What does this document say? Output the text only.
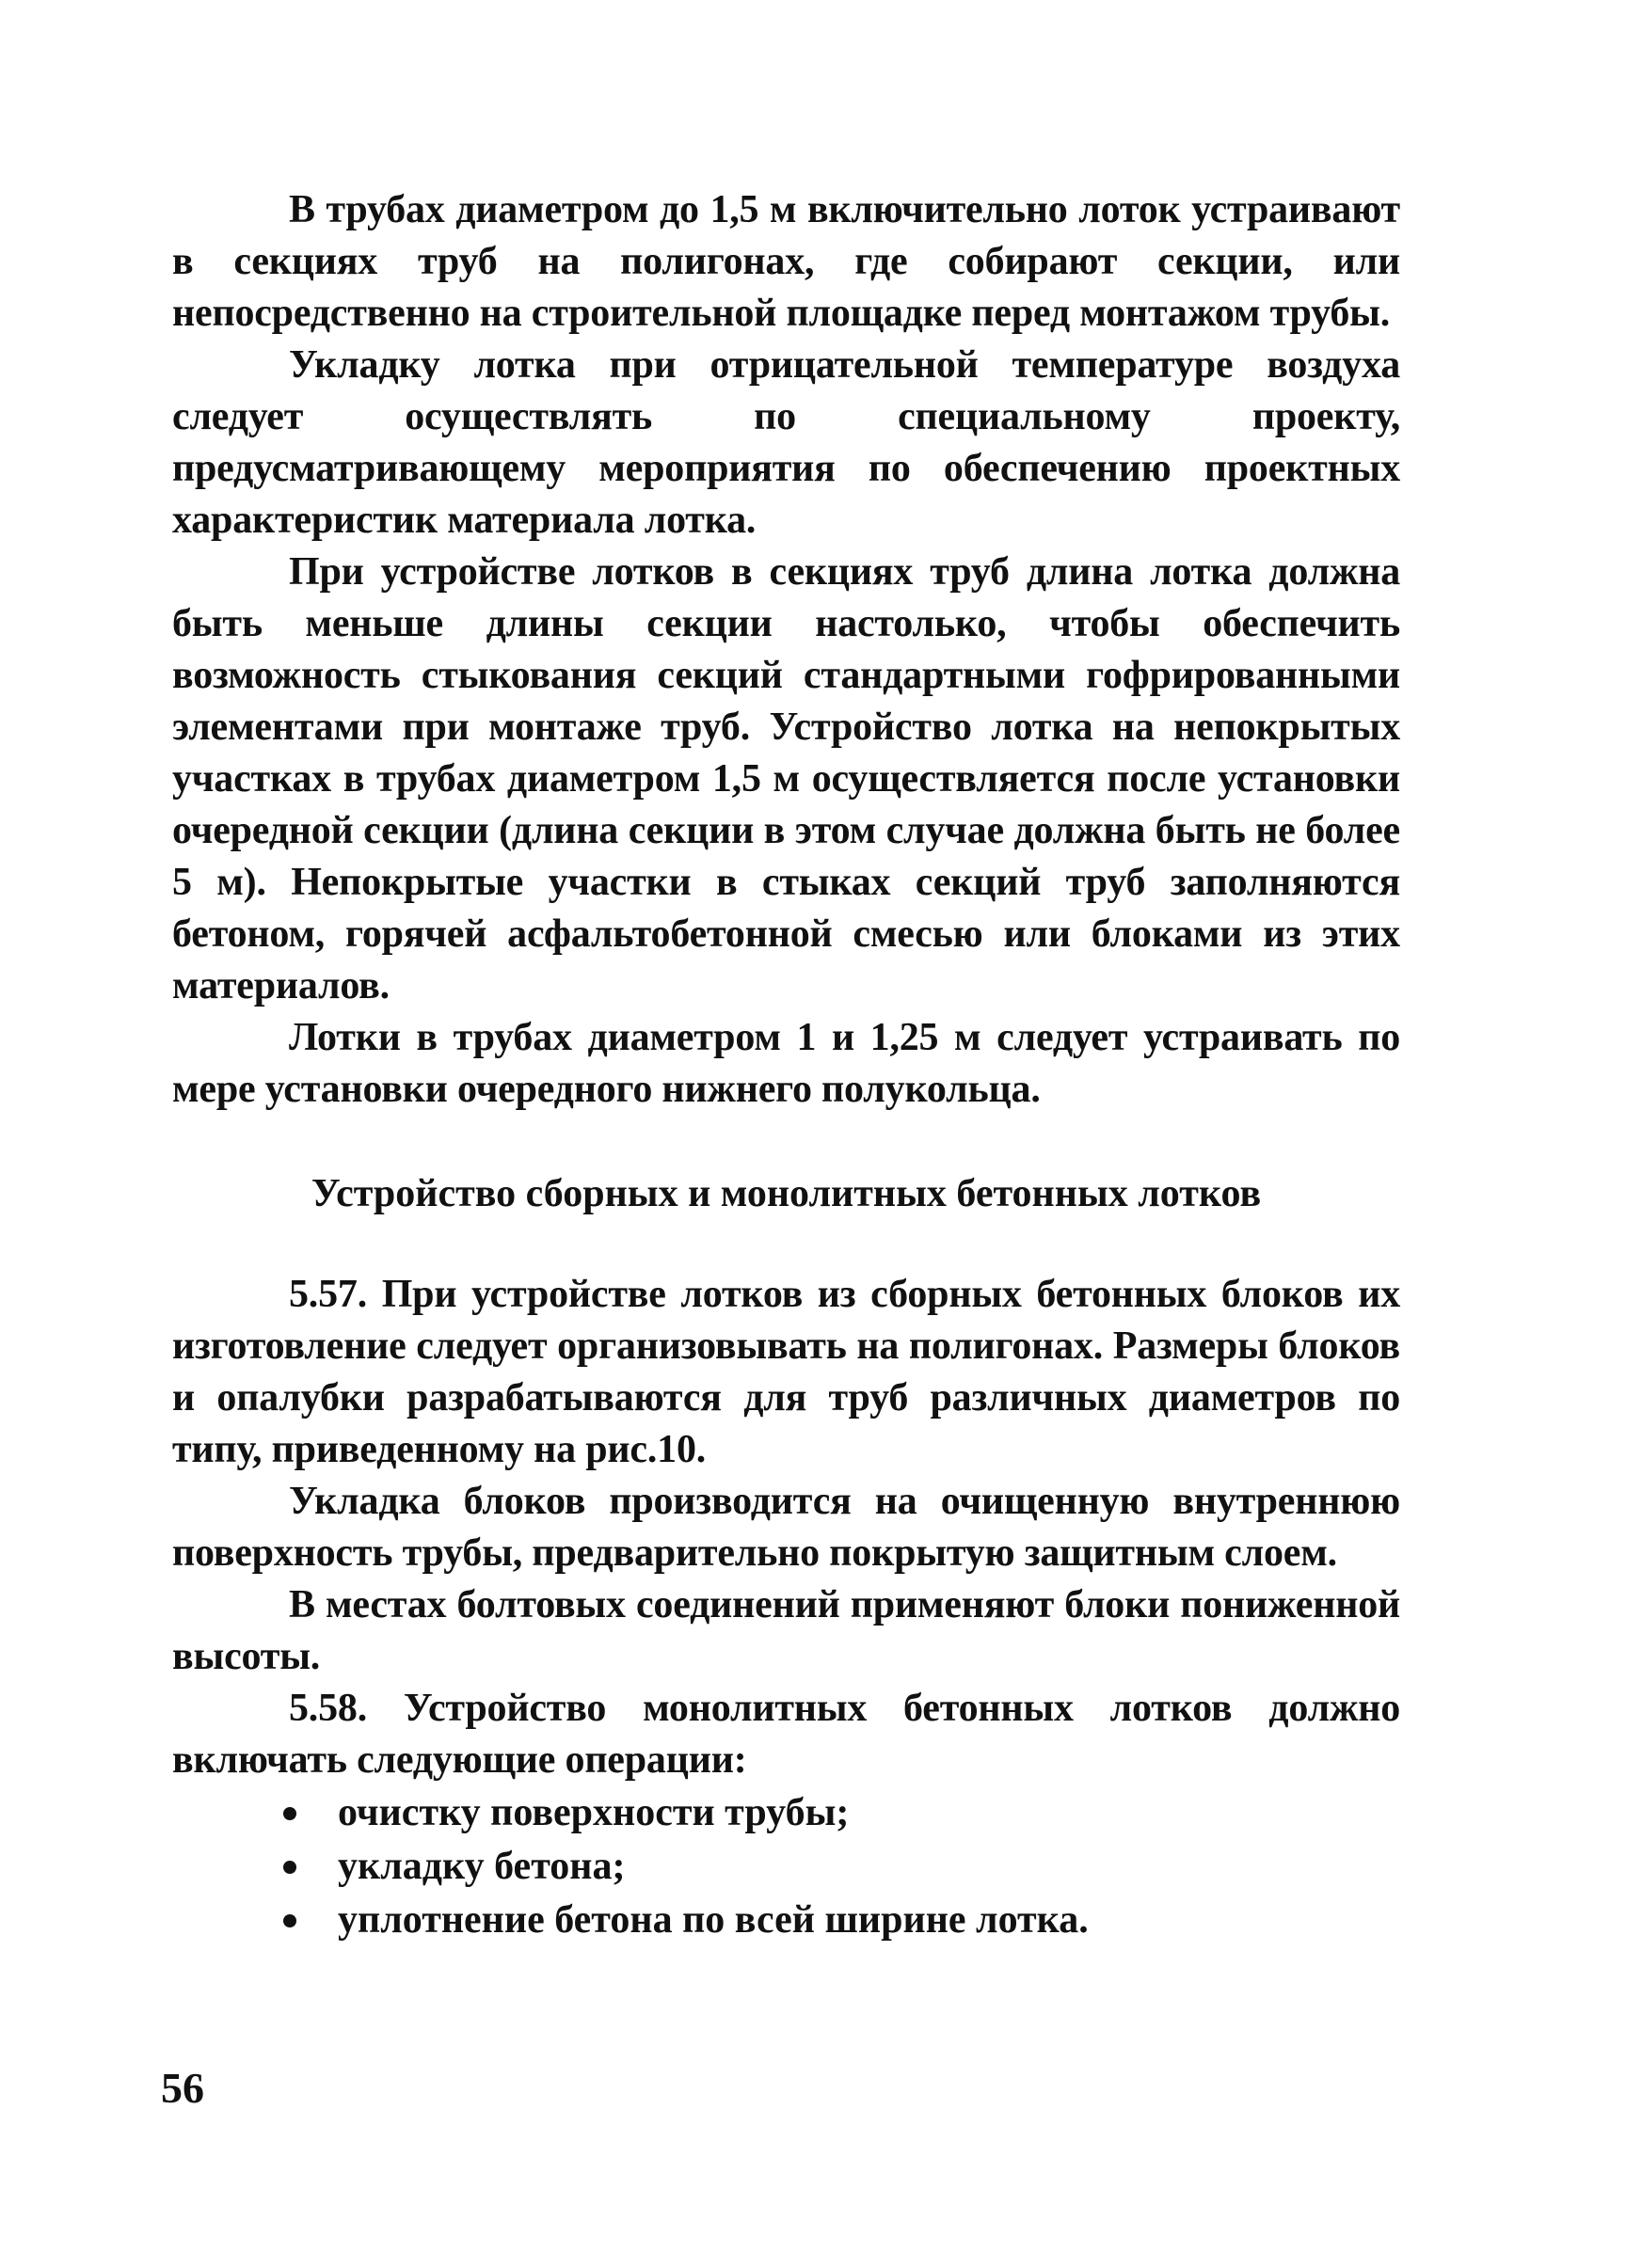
В трубах диаметром до 1,5 м включительно лоток устраивают в секциях труб на полигонах, где собирают секции, или непосредственно на строительной площадке перед монтажом трубы.

Укладку лотка при отрицательной температуре воздуха следует осуществлять по специальному проекту, предусматривающему мероприятия по обеспечению проектных характеристик материала лотка.

При устройстве лотков в секциях труб длина лотка должна быть меньше длины секции настолько, чтобы обеспечить возможность стыкования секций стандартными гофрированными элементами при монтаже труб. Устройство лотка на непокрытых участках в трубах диаметром 1,5 м осуществляется после установки очередной секции (длина секции в этом случае должна быть не более 5 м). Непокрытые участки в стыках секций труб заполняются бетоном, горячей асфальтобетонной смесью или блоками из этих материалов.

Лотки в трубах диаметром 1 и 1,25 м следует устраивать по мере установки очередного нижнего полукольца.

Устройство сборных и монолитных бетонных лотков

5.57. При устройстве лотков из сборных бетонных блоков их изготовление следует организовывать на полигонах. Размеры блоков и опалубки разрабатываются для труб различных диаметров по типу, приведенному на рис.10.

Укладка блоков производится на очищенную внутреннюю поверхность трубы, предварительно покрытую защитным слоем.

В местах болтовых соединений применяют блоки пониженной высоты.

5.58. Устройство монолитных бетонных лотков должно включать следующие операции:

очистку поверхности трубы;
укладку бетона;
уплотнение бетона по всей ширине лотка.
56
